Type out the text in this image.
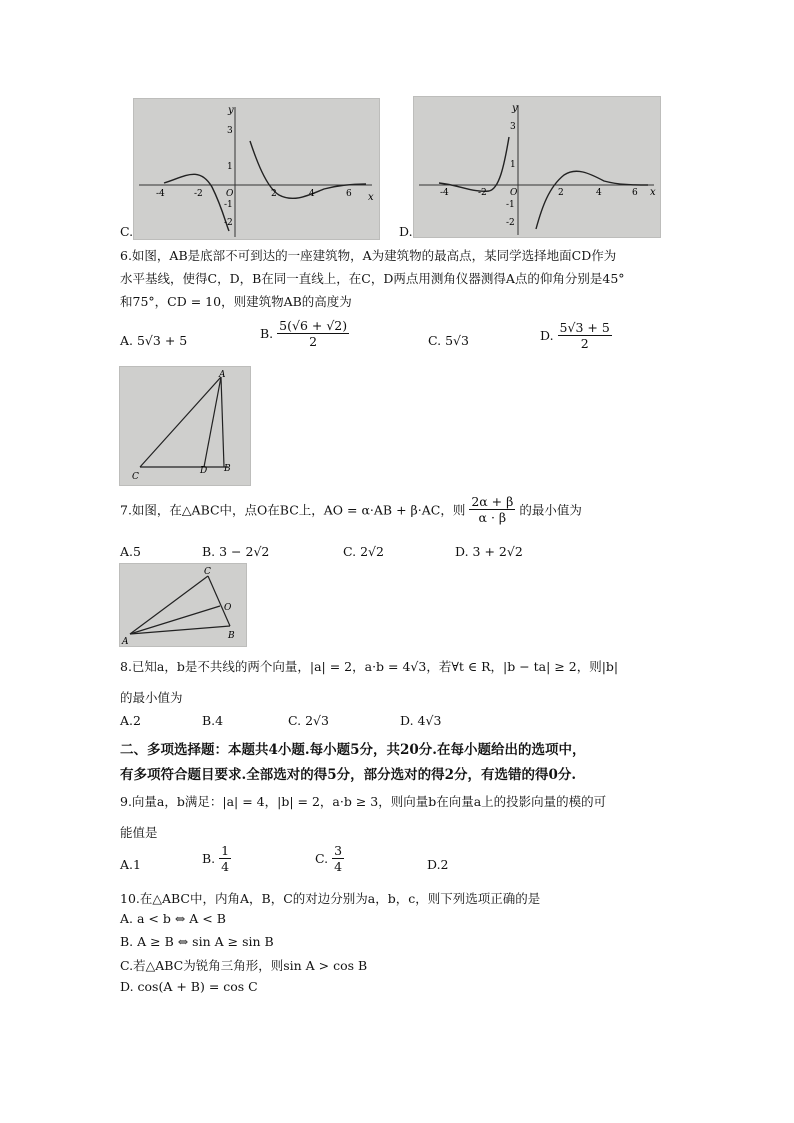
x
y
O
-4	-2	2	4	6
3
1
-1
-2
C.
x
y
O
-4	-2	2	4	6
3
1
-1
-2
D.
6.如图，AB是底部不可到达的一座建筑物，A为建筑物的最高点，某同学选择地面CD作为
水平基线，使得C，D，B在同一直线上，在C，D两点用测角仪器测得A点的仰角分别是45°
和75°，CD = 10，则建筑物AB的高度为
A. 5√3 + 5	B. $\frac{5(√6 + √2)}{2}$	C. 5√3	D. $\frac{5√3 + 5}{2}$
A
B
C
D
7.如图，在△ABC中，点O在BC上，AO = α·AB + β·AC，则 $\frac{2\alpha + \beta}{\alpha \cdot \beta}$ 的最小值为
A.5	B. 3 − 2√2	C. 2√2	D. 3 + 2√2
A
B
C
O
8.已知a，b是不共线的两个向量，|a| = 2，a·b = 4√3，若∀t ∈ R，|b − ta| ≥ 2，则|b|
的最小值为
A.2	B.4	C. 2√3	D. 4√3
二、多项选择题：本题共4小题.每小题5分，共20分.在每小题给出的选项中，
有多项符合题目要求.全部选对的得5分，部分选对的得2分，有选错的得0分.
9.向量a，b满足：|a| = 4，|b| = 2，a·b ≥ 3，则向量b在向量a上的投影向量的模的可
能值是
A.1	B. $\frac{1}{4}$	C. $\frac{3}{4}$	D.2
10.在△ABC中，内角A，B，C的对边分别为a，b，c，则下列选项正确的是
A. a < b ⇔ A < B
B. A ≥ B ⇔ sin A ≥ sin B
C.若△ABC为锐角三角形，则sin A > cos B
D. cos(A + B) = cos C
